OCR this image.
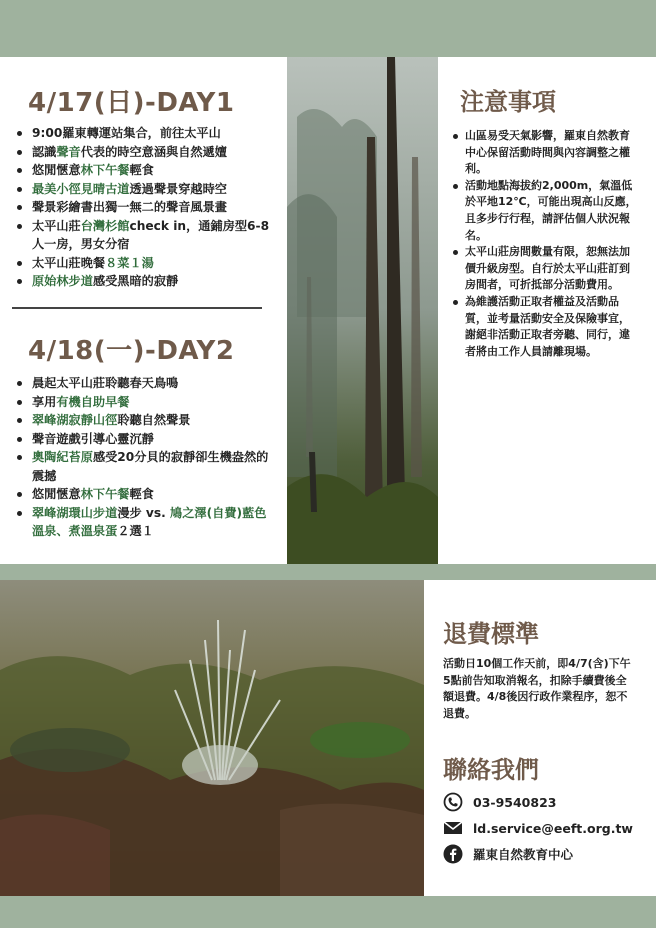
4/17(日)-DAY1
9:00羅東轉運站集合，前往太平山
認識聲音代表的時空意涵與自然遞嬗
悠閒愜意林下午餐輕食
最美小徑見晴古道透過聲景穿越時空
聲景彩繪書出獨一無二的聲音風景畫
太平山莊台灣杉館check in，通鋪房型6-8人一房，男女分宿
太平山莊晚餐８菜１湯
原始林步道感受黑暗的寂靜
4/18(一)-DAY2
晨起太平山莊聆聽春天鳥鳴
享用有機自助早餐
翠峰湖寂靜山徑聆聽自然聲景
聲音遊戲引導心靈沉靜
奧陶紀苔原感受20分貝的寂靜卻生機盎然的震撼
悠閒愜意林下午餐輕食
翠峰湖環山步道漫步 vs. 鳩之澤(自費)藍色溫泉、煮溫泉蛋２選１
注意事項
山區易受天氣影響，羅東自然教育中心保留活動時間與內容調整之權利。
活動地點海拔約2,000m，氣溫低於平地12℃，可能出現高山反應，且多步行行程，請評估個人狀況報名。
太平山莊房間數量有限，恕無法加價升級房型。自行於太平山莊訂到房間者，可折抵部分活動費用。
為維護活動正取者權益及活動品質，並考量活動安全及保險事宜，謝絕非活動正取者旁聽、同行，違者將由工作人員請離現場。
退費標準

活動日10個工作天前，即4/7(含)下午5點前告知取消報名，扣除手續費後全額退費。4/8後因行政作業程序，恕不退費。

聯絡我們
03-9540823
ld.service@eeft.org.tw
羅東自然教育中心
